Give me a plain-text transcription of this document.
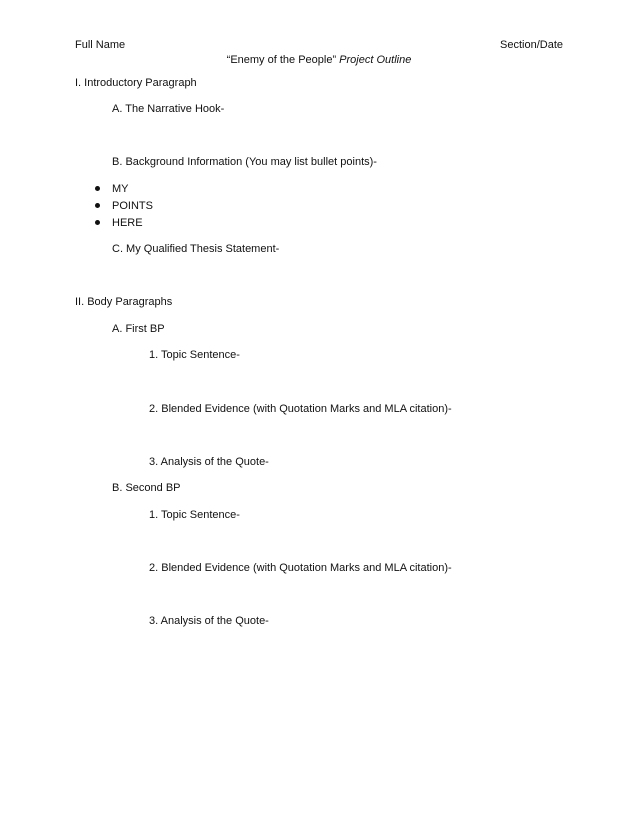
Full Name	Section/Date
“Enemy of the People” Project Outline
I. Introductory Paragraph
A. The Narrative Hook-
B. Background Information (You may list bullet points)-
MY
POINTS
HERE
C. My Qualified Thesis Statement-
II. Body Paragraphs
A. First BP
1. Topic Sentence-
2. Blended Evidence (with Quotation Marks and MLA citation)-
3. Analysis of the Quote-
B. Second BP
1. Topic Sentence-
2. Blended Evidence (with Quotation Marks and MLA citation)-
3. Analysis of the Quote-
